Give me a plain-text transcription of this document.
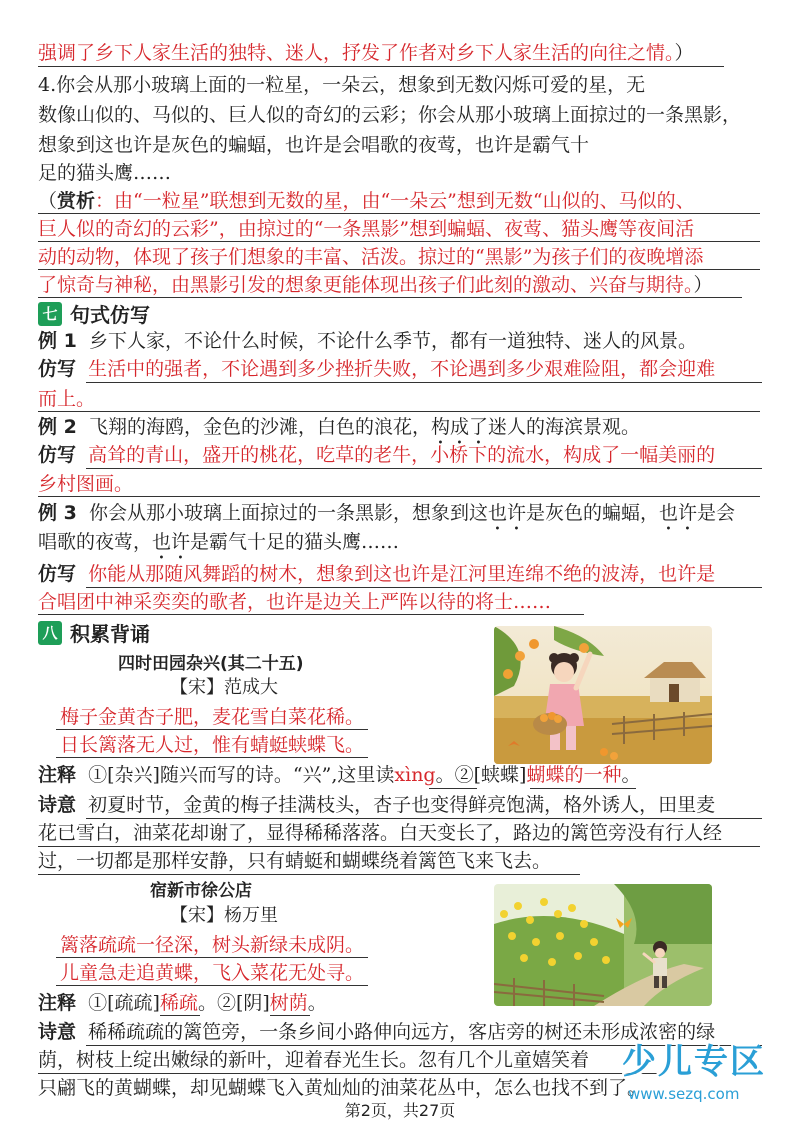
强调了乡下人家生活的独特、迷人，抒发了作者对乡下人家生活的向往之情。）
4.你会从那小玻璃上面的一粒星，一朵云，想象到无数闪烁可爱的星，无
数像山似的、马似的、巨人似的奇幻的云彩；你会从那小玻璃上面掠过的一条黑影，
想象到这也许是灰色的蝙蝠，也许是会唱歌的夜莺，也许是霸气十
足的猫头鹰……
（赏析：由“一粒星”联想到无数的星，由“一朵云”想到无数“山似的、马似的、
巨人似的奇幻的云彩”，由掠过的“一条黑影”想到蝙蝠、夜莺、猫头鹰等夜间活
动的动物，体现了孩子们想象的丰富、活泼。掠过的“黑影”为孩子们的夜晚增添
了惊奇与神秘，由黑影引发的想象更能体现出孩子们此刻的激动、兴奋与期待。）
七 句式仿写
例 1 乡下人家，不论什么时候，不论什么季节，都有一道独特、迷人的风景。
仿写 生活中的强者，不论遇到多少挫折失败，不论遇到多少艰难险阻，都会迎难
而上。
例 2 飞翔的海鸥，金色的沙滩，白色的浪花，构成了迷人的海滨景观。
仿写 高耸的青山，盛开的桃花，吃草的老牛，小桥下的流水，构成了一幅美丽的
乡村图画。
例 3 你会从那小玻璃上面掠过的一条黑影，想象到这也许是灰色的蝙蝠，也许是会
唱歌的夜莺，也许是霸气十足的猫头鹰……
仿写 你能从那随风舞蹈的树木，想象到这也许是江河里连绵不绝的波涛，也许是
合唱团中神采奕奕的歌者，也许是边关上严阵以待的将士……
八 积累背诵
四时田园杂兴(其二十五)
【宋】范成大
梅子金黄杏子肥，麦花雪白菜花稀。
日长篱落无人过，惟有蜻蜓蛱蝶飞。
注释 ①[杂兴]随兴而写的诗。“兴”,这里读xìng。②[蛱蝶]蝴蝶的一种。
诗意 初夏时节，金黄的梅子挂满枝头，杏子也变得鲜亮饱满，格外诱人，田里麦
花已雪白，油菜花却谢了，显得稀稀落落。白天变长了，路边的篱笆旁没有行人经
过，一切都是那样安静，只有蜻蜓和蝴蝶绕着篱笆飞来飞去。
宿新市徐公店
【宋】杨万里
篱落疏疏一径深，树头新绿未成阴。
儿童急走追黄蝶，飞入菜花无处寻。
注释 ①[疏疏]稀疏。②[阴]树荫。
诗意 稀稀疏疏的篱笆旁，一条乡间小路伸向远方，客店旁的树还未形成浓密的绿
荫，树枝上绽出嫩绿的新叶，迎着春光生长。忽有几个儿童嬉笑着
只翩飞的黄蝴蝶，却见蝴蝶飞入黄灿灿的油菜花丛中，怎么也找不到了。
少儿专区
www.sezq.com
第2页，共27页
